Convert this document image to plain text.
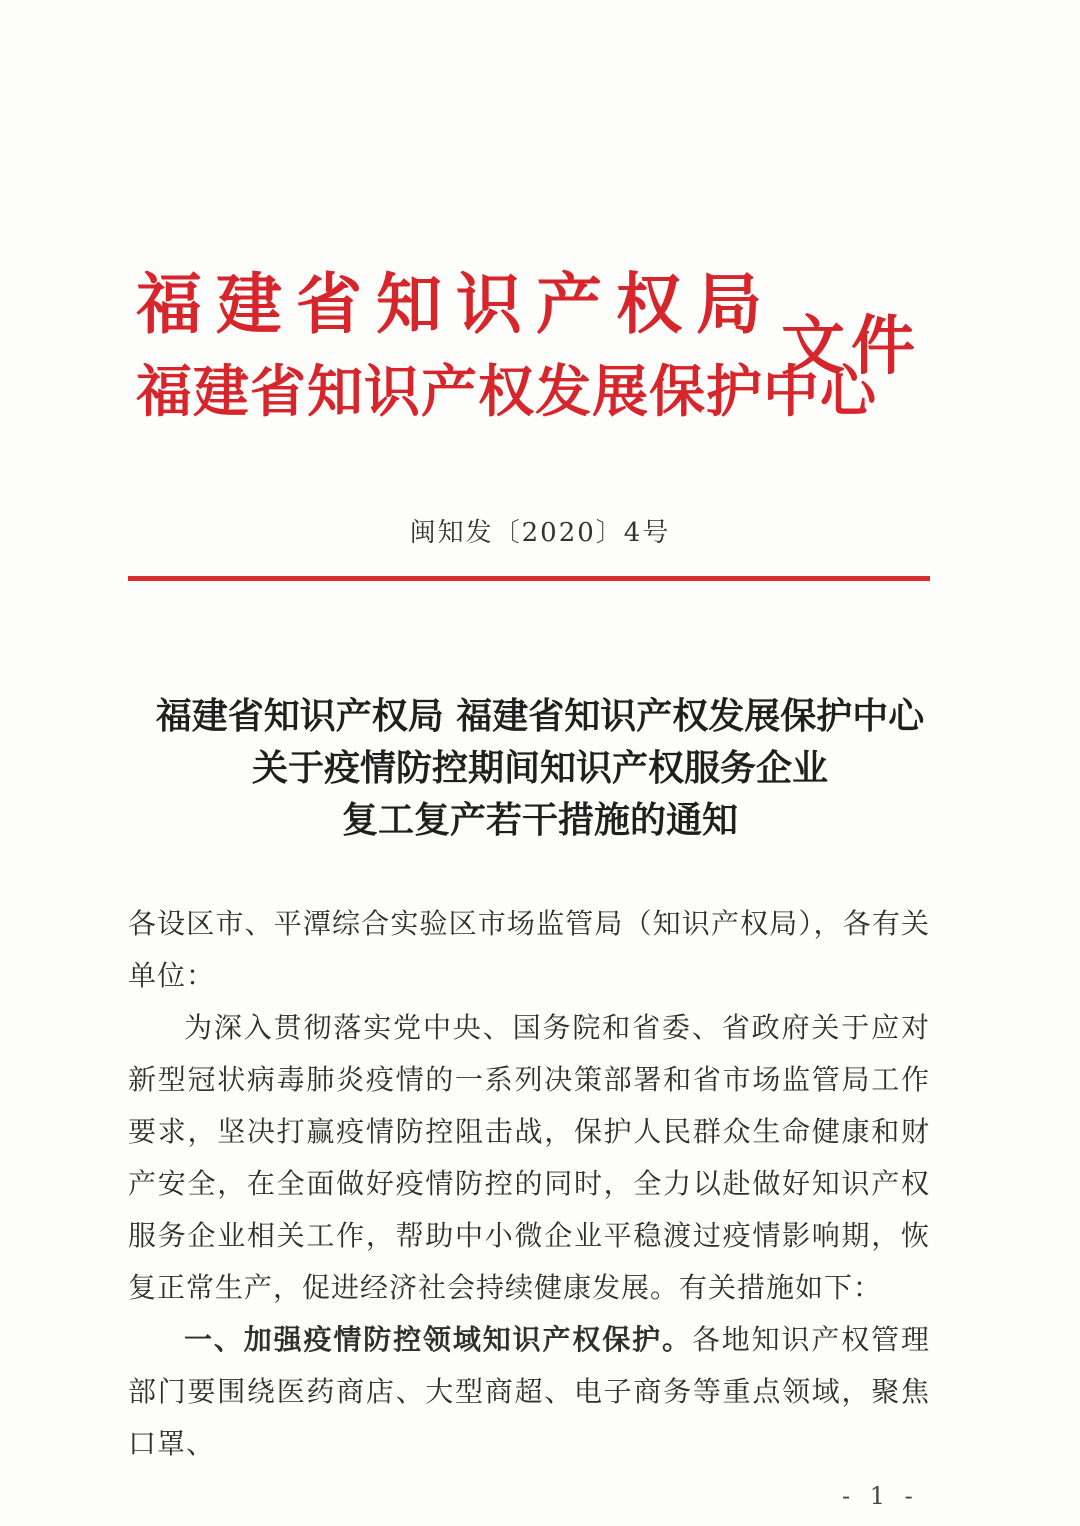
福建省知识产权局
福建省知识产权发展保护中心
文件
闽知发〔2020〕4号
福建省知识产权局 福建省知识产权发展保护中心
关于疫情防控期间知识产权服务企业
复工复产若干措施的通知

各设区市、平潭综合实验区市场监管局（知识产权局），各有关单位：

为深入贯彻落实党中央、国务院和省委、省政府关于应对新型冠状病毒肺炎疫情的一系列决策部署和省市场监管局工作要求，坚决打赢疫情防控阻击战，保护人民群众生命健康和财产安全，在全面做好疫情防控的同时，全力以赴做好知识产权服务企业相关工作，帮助中小微企业平稳渡过疫情影响期，恢复正常生产，促进经济社会持续健康发展。有关措施如下：

一、加强疫情防控领域知识产权保护。各地知识产权管理部门要围绕医药商店、大型商超、电子商务等重点领域，聚焦口罩、

- 1 -
